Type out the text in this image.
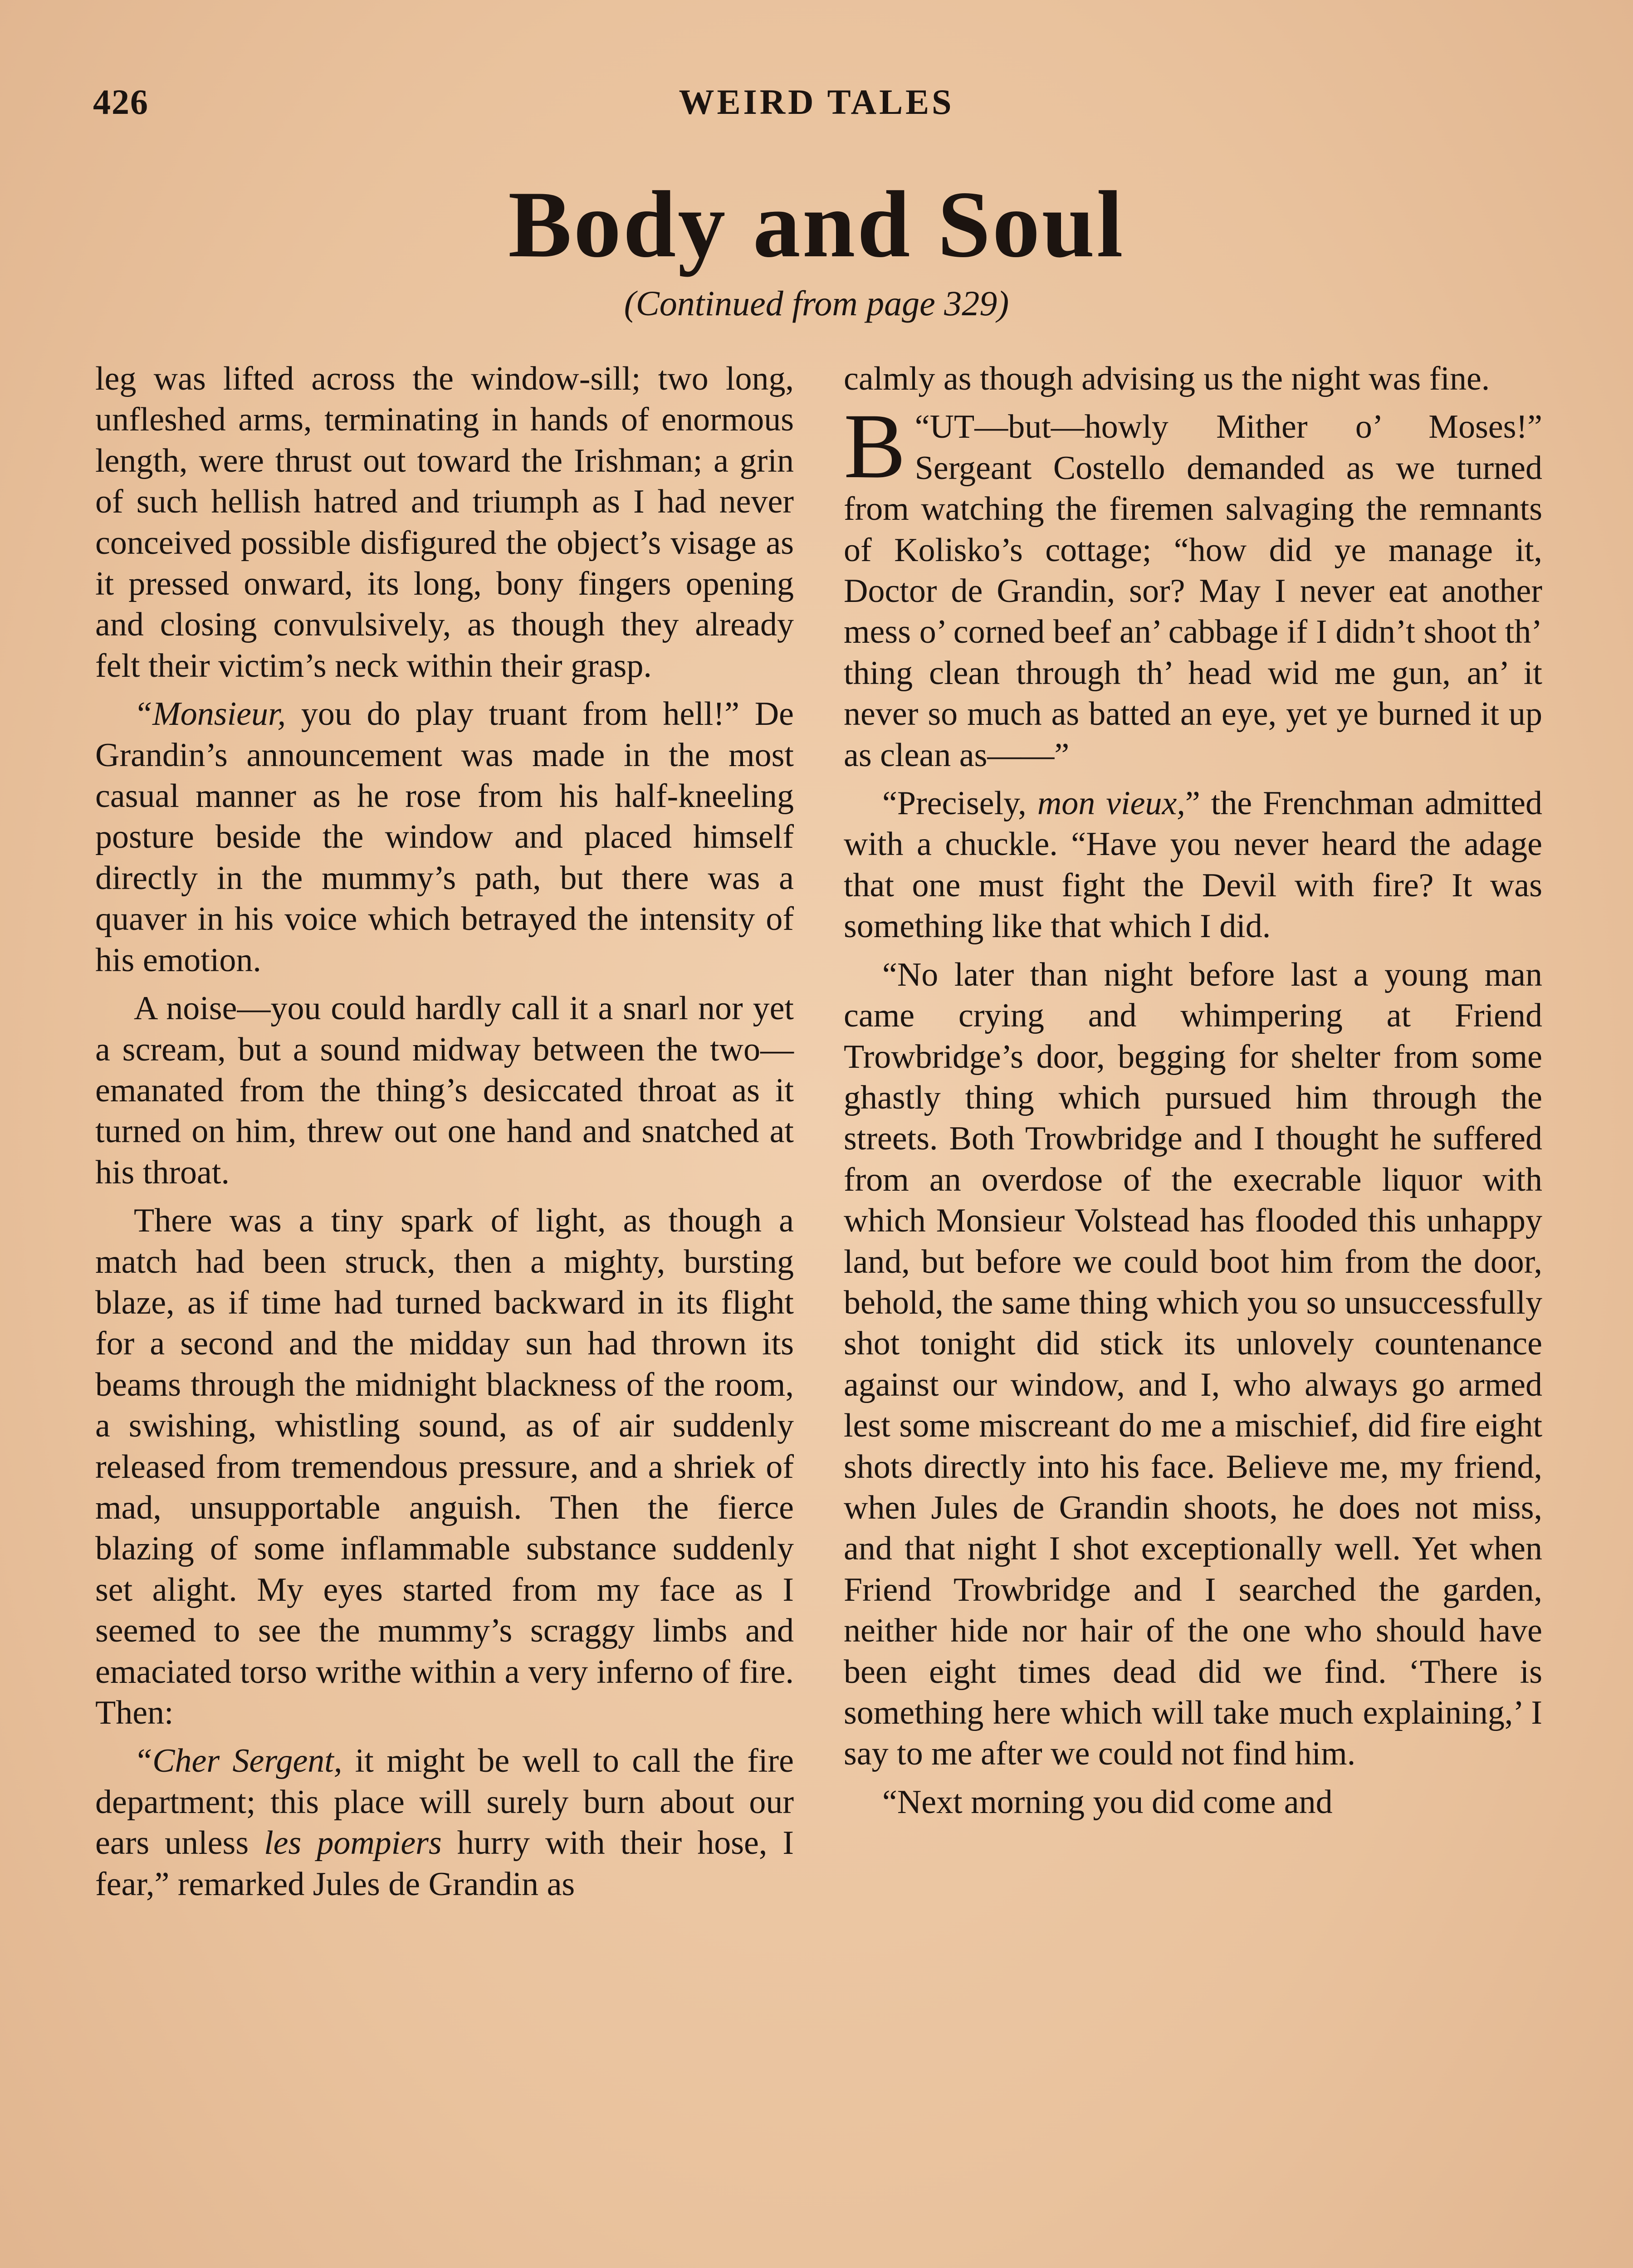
426	WEIRD TALES
Body and Soul
(Continued from page 329)

leg was lifted across the window-sill; two long, unfleshed arms, terminating in hands of enormous length, were thrust out toward the Irishman; a grin of such hellish hatred and triumph as I had never conceived possible disfigured the object’s visage as it pressed onward, its long, bony fingers opening and closing convulsively, as though they already felt their victim’s neck within their grasp.

“Monsieur, you do play truant from hell!” De Grandin’s announcement was made in the most casual manner as he rose from his half-kneeling posture beside the window and placed himself directly in the mummy’s path, but there was a quaver in his voice which betrayed the intensity of his emotion.

A noise—you could hardly call it a snarl nor yet a scream, but a sound midway between the two—emanated from the thing’s desiccated throat as it turned on him, threw out one hand and snatched at his throat.

There was a tiny spark of light, as though a match had been struck, then a mighty, bursting blaze, as if time had turned backward in its flight for a second and the midday sun had thrown its beams through the midnight blackness of the room, a swishing, whistling sound, as of air suddenly released from tremendous pressure, and a shriek of mad, unsupportable anguish. Then the fierce blazing of some inflammable substance suddenly set alight. My eyes started from my face as I seemed to see the mummy’s scraggy limbs and emaciated torso writhe within a very inferno of fire. Then:

“Cher Sergent, it might be well to call the fire department; this place will surely burn about our ears unless les pompiers hurry with their hose, I fear,” remarked Jules de Grandin as

calmly as though advising us the night was fine.

“
B UT—but—howly Mither o’ Moses!” Sergeant Costello demanded as we turned from watching the firemen salvaging the remnants of Kolisko’s cottage; “how did ye manage it, Doctor de Grandin, sor? May I never eat another mess o’ corned beef an’ cabbage if I didn’t shoot th’ thing clean through th’ head wid me gun, an’ it never so much as batted an eye, yet ye burned it up as clean as——”

“Precisely, mon vieux,” the Frenchman admitted with a chuckle. “Have you never heard the adage that one must fight the Devil with fire? It was something like that which I did.

“No later than night before last a young man came crying and whimpering at Friend Trowbridge’s door, begging for shelter from some ghastly thing which pursued him through the streets. Both Trowbridge and I thought he suffered from an overdose of the execrable liquor with which Monsieur Volstead has flooded this unhappy land, but before we could boot him from the door, behold, the same thing which you so unsuccessfully shot tonight did stick its unlovely countenance against our window, and I, who always go armed lest some miscreant do me a mischief, did fire eight shots directly into his face. Believe me, my friend, when Jules de Grandin shoots, he does not miss, and that night I shot exceptionally well. Yet when Friend Trowbridge and I searched the garden, neither hide nor hair of the one who should have been eight times dead did we find. ‘There is something here which will take much explaining,’ I say to me after we could not find him.

“Next morning you did come and
